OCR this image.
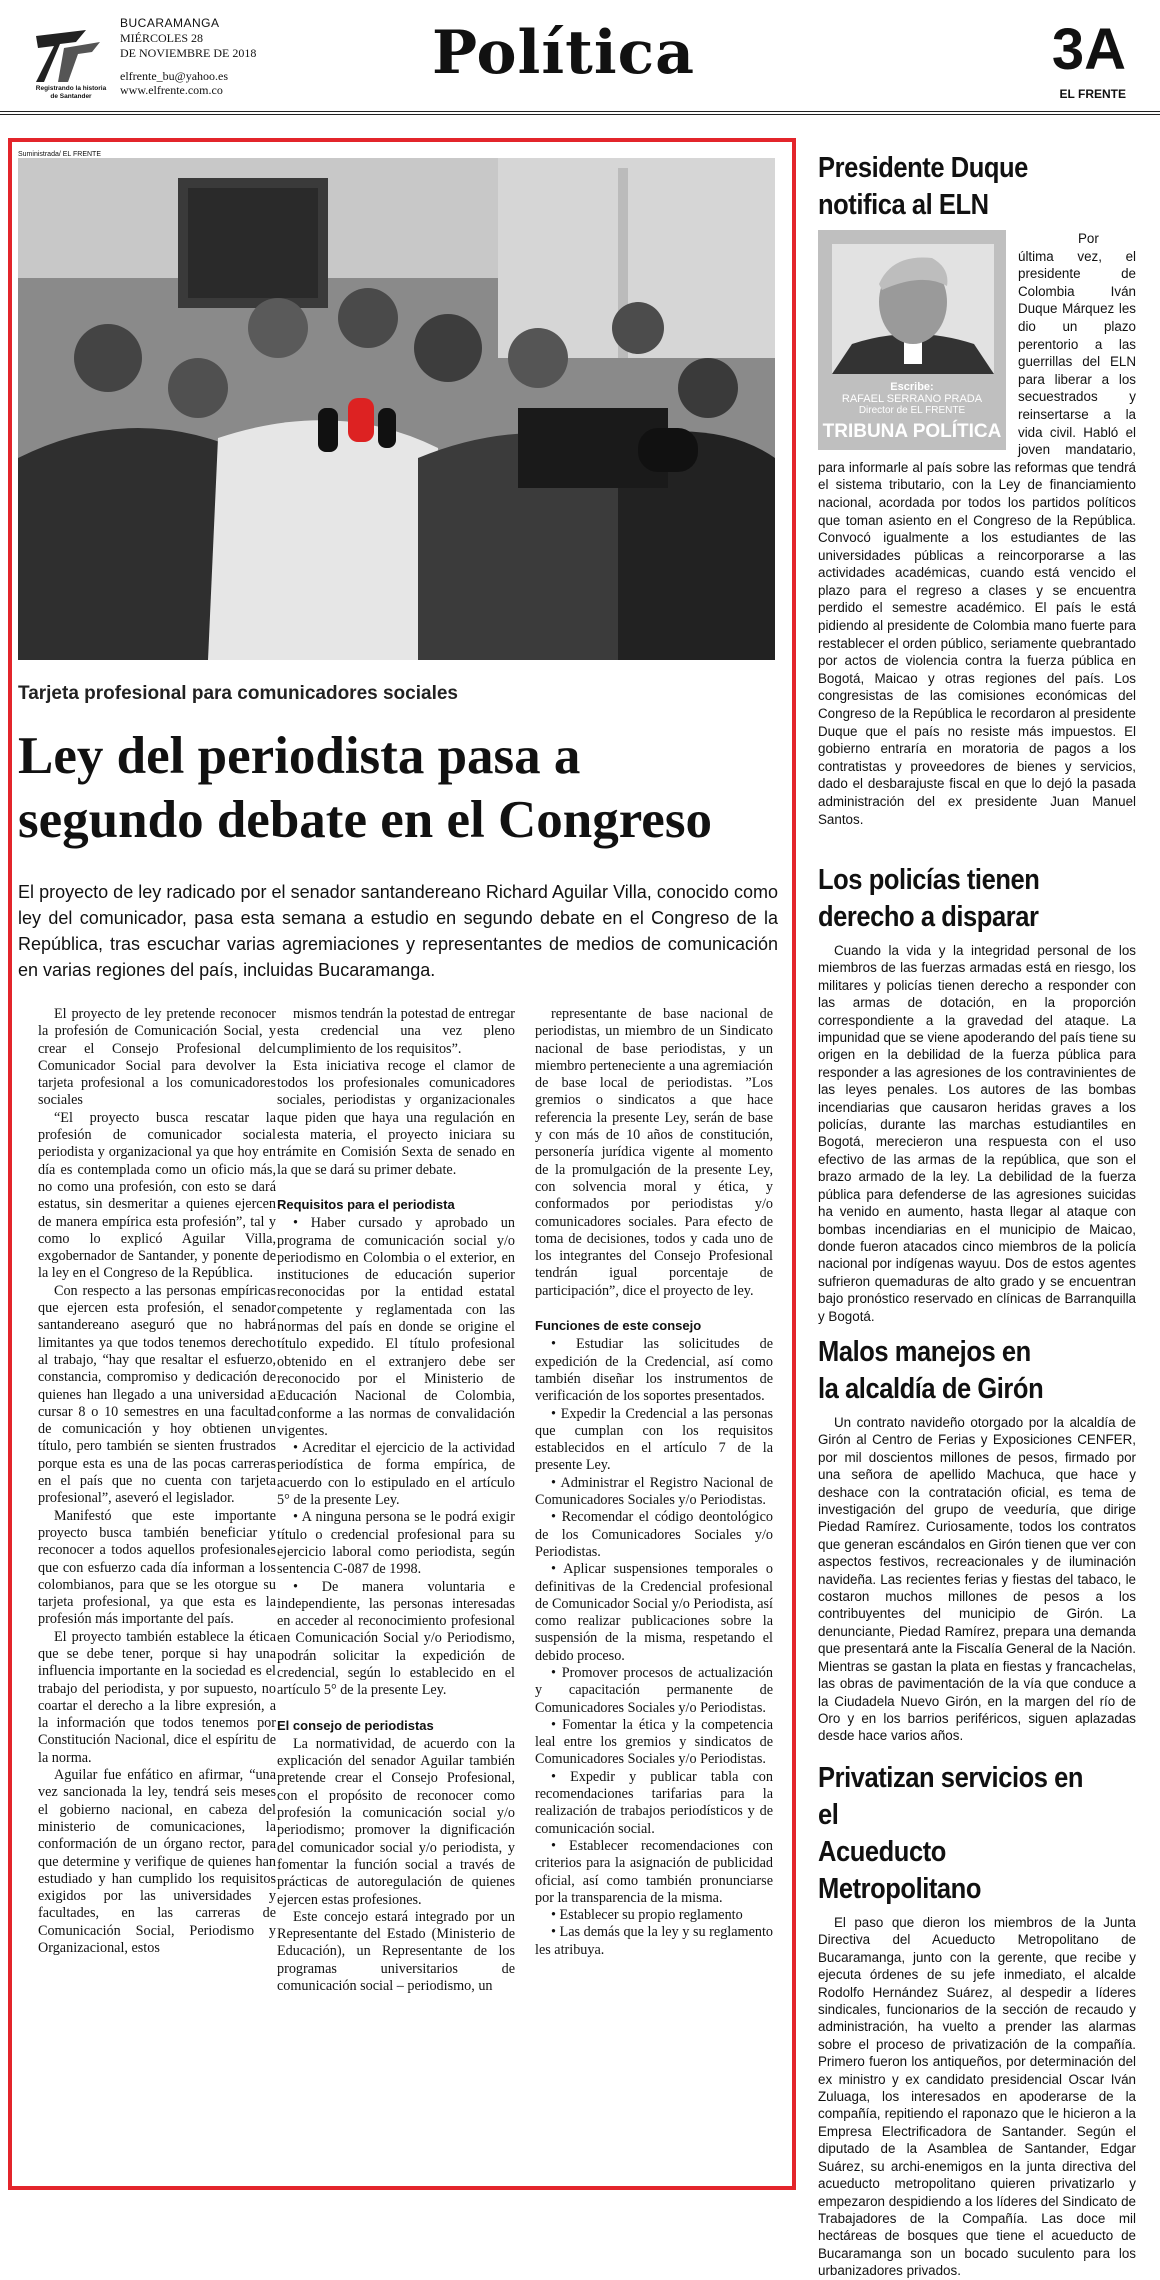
Registrando la historia
de Santander
BUCARAMANGA
MIÉRCOLES 28
DE NOVIEMBRE DE 2018
elfrente_bu@yahoo.es
www.elfrente.com.co
Política	3A
EL FRENTE
Suministrada/ EL FRENTE
Tarjeta profesional para comunicadores sociales
Ley del periodista pasa a
segundo debate en el Congreso
El proyecto de ley radicado por el senador santandereano Richard Aguilar Villa, conocido como ley del comunicador, pasa esta semana a estudio en segundo debate en el Congreso de la República, tras escuchar varias agremiaciones y representantes de medios de comunicación en varias regiones del país, incluidas Bucaramanga.

El proyecto de ley pretende reconocer la profesión de Comunicación Social, y crear el Consejo Profesional del Comunicador Social para devolver la tarjeta profesional a los comunicadores sociales

“El proyecto busca rescatar la profesión de comunicador social periodista y organizacional ya que hoy en día es contemplada como un oficio más, no como una profesión, con esto se dará estatus, sin desmeritar a quienes ejercen de manera empírica esta profesión”, tal y como lo explicó Aguilar Villa, exgobernador de Santander, y ponente de la ley en el Congreso de la República.

Con respecto a las personas empíricas que ejercen esta profesión, el senador santandereano aseguró que no habrá limitantes ya que todos tenemos derecho al trabajo, “hay que resaltar el esfuerzo, constancia, compromiso y dedicación de quienes han llegado a una universidad a cursar 8 o 10 semestres en una facultad de comunicación y hoy obtienen un título, pero también se sienten frustrados porque esta es una de las pocas carreras en el país que no cuenta con tarjeta profesional”, aseveró el legislador.

Manifestó que este importante proyecto busca también beneficiar y reconocer a todos aquellos profesionales que con esfuerzo cada día informan a los colombianos, para que se les otorgue su tarjeta profesional, ya que esta es la profesión más importante del país.

El proyecto también establece la ética que se debe tener, porque si hay una influencia importante en la sociedad es el trabajo del periodista, y por supuesto, no coartar el derecho a la libre expresión, a la información que todos tenemos por Constitución Nacional, dice el espíritu de la norma.

Aguilar fue enfático en afirmar, “una vez sancionada la ley, tendrá seis meses el gobierno nacional, en cabeza del ministerio de comunicaciones, la conformación de un órgano rector, para que determine y verifique de quienes han estudiado y han cumplido los requisitos exigidos por las universidades y facultades, en las carreras de Comunicación Social, Periodismo y Organizacional, estos

mismos tendrán la potestad de entregar esta credencial una vez pleno cumplimiento de los requisitos”.

Esta iniciativa recoge el clamor de todos los profesionales comunicadores sociales, periodistas y organizacionales que piden que haya una regulación en esta materia, el proyecto iniciara su trámite en Comisión Sexta de senado en la que se dará su primer debate.

Requisitos para el periodista

• Haber cursado y aprobado un programa de comunicación social y/o periodismo en Colombia o el exterior, en instituciones de educación superior reconocidas por la entidad estatal competente y reglamentada con las normas del país en donde se origine el título expedido. El título profesional obtenido en el extranjero debe ser reconocido por el Ministerio de Educación Nacional de Colombia, conforme a las normas de convalidación vigentes.

• Acreditar el ejercicio de la actividad periodística de forma empírica, de acuerdo con lo estipulado en el artículo 5° de la presente Ley.

• A ninguna persona se le podrá exigir título o credencial profesional para su ejercicio laboral como periodista, según sentencia C-087 de 1998.

• De manera voluntaria e independiente, las personas interesadas en acceder al reconocimiento profesional en Comunicación Social y/o Periodismo, podrán solicitar la expedición de credencial, según lo establecido en el artículo 5° de la presente Ley.

El consejo de periodistas

La normatividad, de acuerdo con la explicación del senador Aguilar también pretende crear el Consejo Profesional, con el propósito de reconocer como profesión la comunicación social y/o periodismo; promover la dignificación del comunicador social y/o periodista, y fomentar la función social a través de prácticas de autoregulación de quienes ejercen estas profesiones.

Este concejo estará integrado por un Representante del Estado (Ministerio de Educación), un Representante de los programas universitarios de comunicación social – periodismo, un

representante de base nacional de periodistas, un miembro de un Sindicato nacional de base periodistas, y un miembro perteneciente a una agremiación de base local de periodistas. ”Los gremios o sindicatos a que hace referencia la presente Ley, serán de base y con más de 10 años de constitución, personería jurídica vigente al momento de la promulgación de la presente Ley, con solvencia moral y ética, y conformados por periodistas y/o comunicadores sociales. Para efecto de toma de decisiones, todos y cada uno de los integrantes del Consejo Profesional tendrán igual porcentaje de participación”, dice el proyecto de ley.

Funciones de este consejo

• Estudiar las solicitudes de expedición de la Credencial, así como también diseñar los instrumentos de verificación de los soportes presentados.

• Expedir la Credencial a las personas que cumplan con los requisitos establecidos en el artículo 7 de la presente Ley.

• Administrar el Registro Nacional de Comunicadores Sociales y/o Periodistas.

• Recomendar el código deontológico de los Comunicadores Sociales y/o Periodistas.

• Aplicar suspensiones temporales o definitivas de la Credencial profesional de Comunicador Social y/o Periodista, así como realizar publicaciones sobre la suspensión de la misma, respetando el debido proceso.

• Promover procesos de actualización y capacitación permanente de Comunicadores Sociales y/o Periodistas.

• Fomentar la ética y la competencia leal entre los gremios y sindicatos de Comunicadores Sociales y/o Periodistas.

• Expedir y publicar tabla con recomendaciones tarifarias para la realización de trabajos periodísticos y de comunicación social.

• Establecer recomendaciones con criterios para la asignación de publicidad oficial, así como también pronunciarse por la transparencia de la misma.

• Establecer su propio reglamento

• Las demás que la ley y su reglamento les atribuya.

Presidente Duque
notifica al ELN
Escribe:
RAFAEL SERRANO PRADA
Director de EL FRENTE
TRIBUNA POLÍTICA
Por última vez, el presidente de Colombia Iván Duque Márquez les dio un plazo perentorio a las guerrillas del ELN para liberar a los secuestrados y reinsertarse a la vida civil. Habló el joven mandatario, para informarle al país sobre las reformas que tendrá el sistema tributario, con la Ley de financiamiento nacional, acordada por todos los partidos políticos que toman asiento en el Congreso de la República. Convocó igualmente a los estudiantes de las universidades públicas a reincorporarse a las actividades académicas, cuando está vencido el plazo para el regreso a clases y se encuentra perdido el semestre académico. El país le está pidiendo al presidente de Colombia mano fuerte para restablecer el orden público, seriamente quebrantado por actos de violencia contra la fuerza pública en Bogotá, Maicao y otras regiones del país. Los congresistas de las comisiones económicas del Congreso de la República le recordaron al presidente Duque que el país no resiste más impuestos. El gobierno entraría en moratoria de pagos a los contratistas y proveedores de bienes y servicios, dado el desbarajuste fiscal en que lo dejó la pasada administración del ex presidente Juan Manuel Santos.
Los policías tienen
derecho a disparar

Cuando la vida y la integridad personal de los miembros de las fuerzas armadas está en riesgo, los militares y policías tienen derecho a responder con las armas de dotación, en la proporción correspondiente a la gravedad del ataque. La impunidad que se viene apoderando del país tiene su origen en la debilidad de la fuerza pública para responder a las agresiones de los contravinientes de las leyes penales. Los autores de las bombas incendiarias que causaron heridas graves a los policías, durante las marchas estudiantiles en Bogotá, merecieron una respuesta con el uso efectivo de las armas de la república, que son el brazo armado de la ley. La debilidad de la fuerza pública para defenderse de las agresiones suicidas ha venido en aumento, hasta llegar al ataque con bombas incendiarias en el municipio de Maicao, donde fueron atacados cinco miembros de la policía nacional por indígenas wayuu. Dos de estos agentes sufrieron quemaduras de alto grado y se encuentran bajo pronóstico reservado en clínicas de Barranquilla y Bogotá.

Malos manejos en
la alcaldía de Girón

Un contrato navideño otorgado por la alcaldía de Girón al Centro de Ferias y Exposiciones CENFER, por mil doscientos millones de pesos, firmado por una señora de apellido Machuca, que hace y deshace con la contratación oficial, es tema de investigación del grupo de veeduría, que dirige Piedad Ramírez. Curiosamente, todos los contratos que generan escándalos en Girón tienen que ver con aspectos festivos, recreacionales y de iluminación navideña. Las recientes ferias y fiestas del tabaco, le costaron muchos millones de pesos a los contribuyentes del municipio de Girón. La denunciante, Piedad Ramírez, prepara una demanda que presentará ante la Fiscalía General de la Nación. Mientras se gastan la plata en fiestas y francachelas, las obras de pavimentación de la vía que conduce a la Ciudadela Nuevo Girón, en la margen del río de Oro y en los barrios periféricos, siguen aplazadas desde hace varios años.

Privatizan servicios en el
Acueducto Metropolitano

El paso que dieron los miembros de la Junta Directiva del Acueducto Metropolitano de Bucaramanga, junto con la gerente, que recibe y ejecuta órdenes de su jefe inmediato, el alcalde Rodolfo Hernández Suárez, al despedir a líderes sindicales, funcionarios de la sección de recaudo y administración, ha vuelto a prender las alarmas sobre el proceso de privatización de la compañía. Primero fueron los antiqueños, por determinación del ex ministro y ex candidato presidencial Oscar Iván Zuluaga, los interesados en apoderarse de la compañía, repitiendo el raponazo que le hicieron a la Empresa Electrificadora de Santander. Según el diputado de la Asamblea de Santander, Edgar Suárez, su archi-enemigos en la junta directiva del acueducto metropolitano quieren privatizarlo y empezaron despidiendo a los líderes del Sindicato de Trabajadores de la Compañía. Las doce mil hectáreas de bosques que tiene el acueducto de Bucaramanga son un bocado suculento para los urbanizadores privados.
